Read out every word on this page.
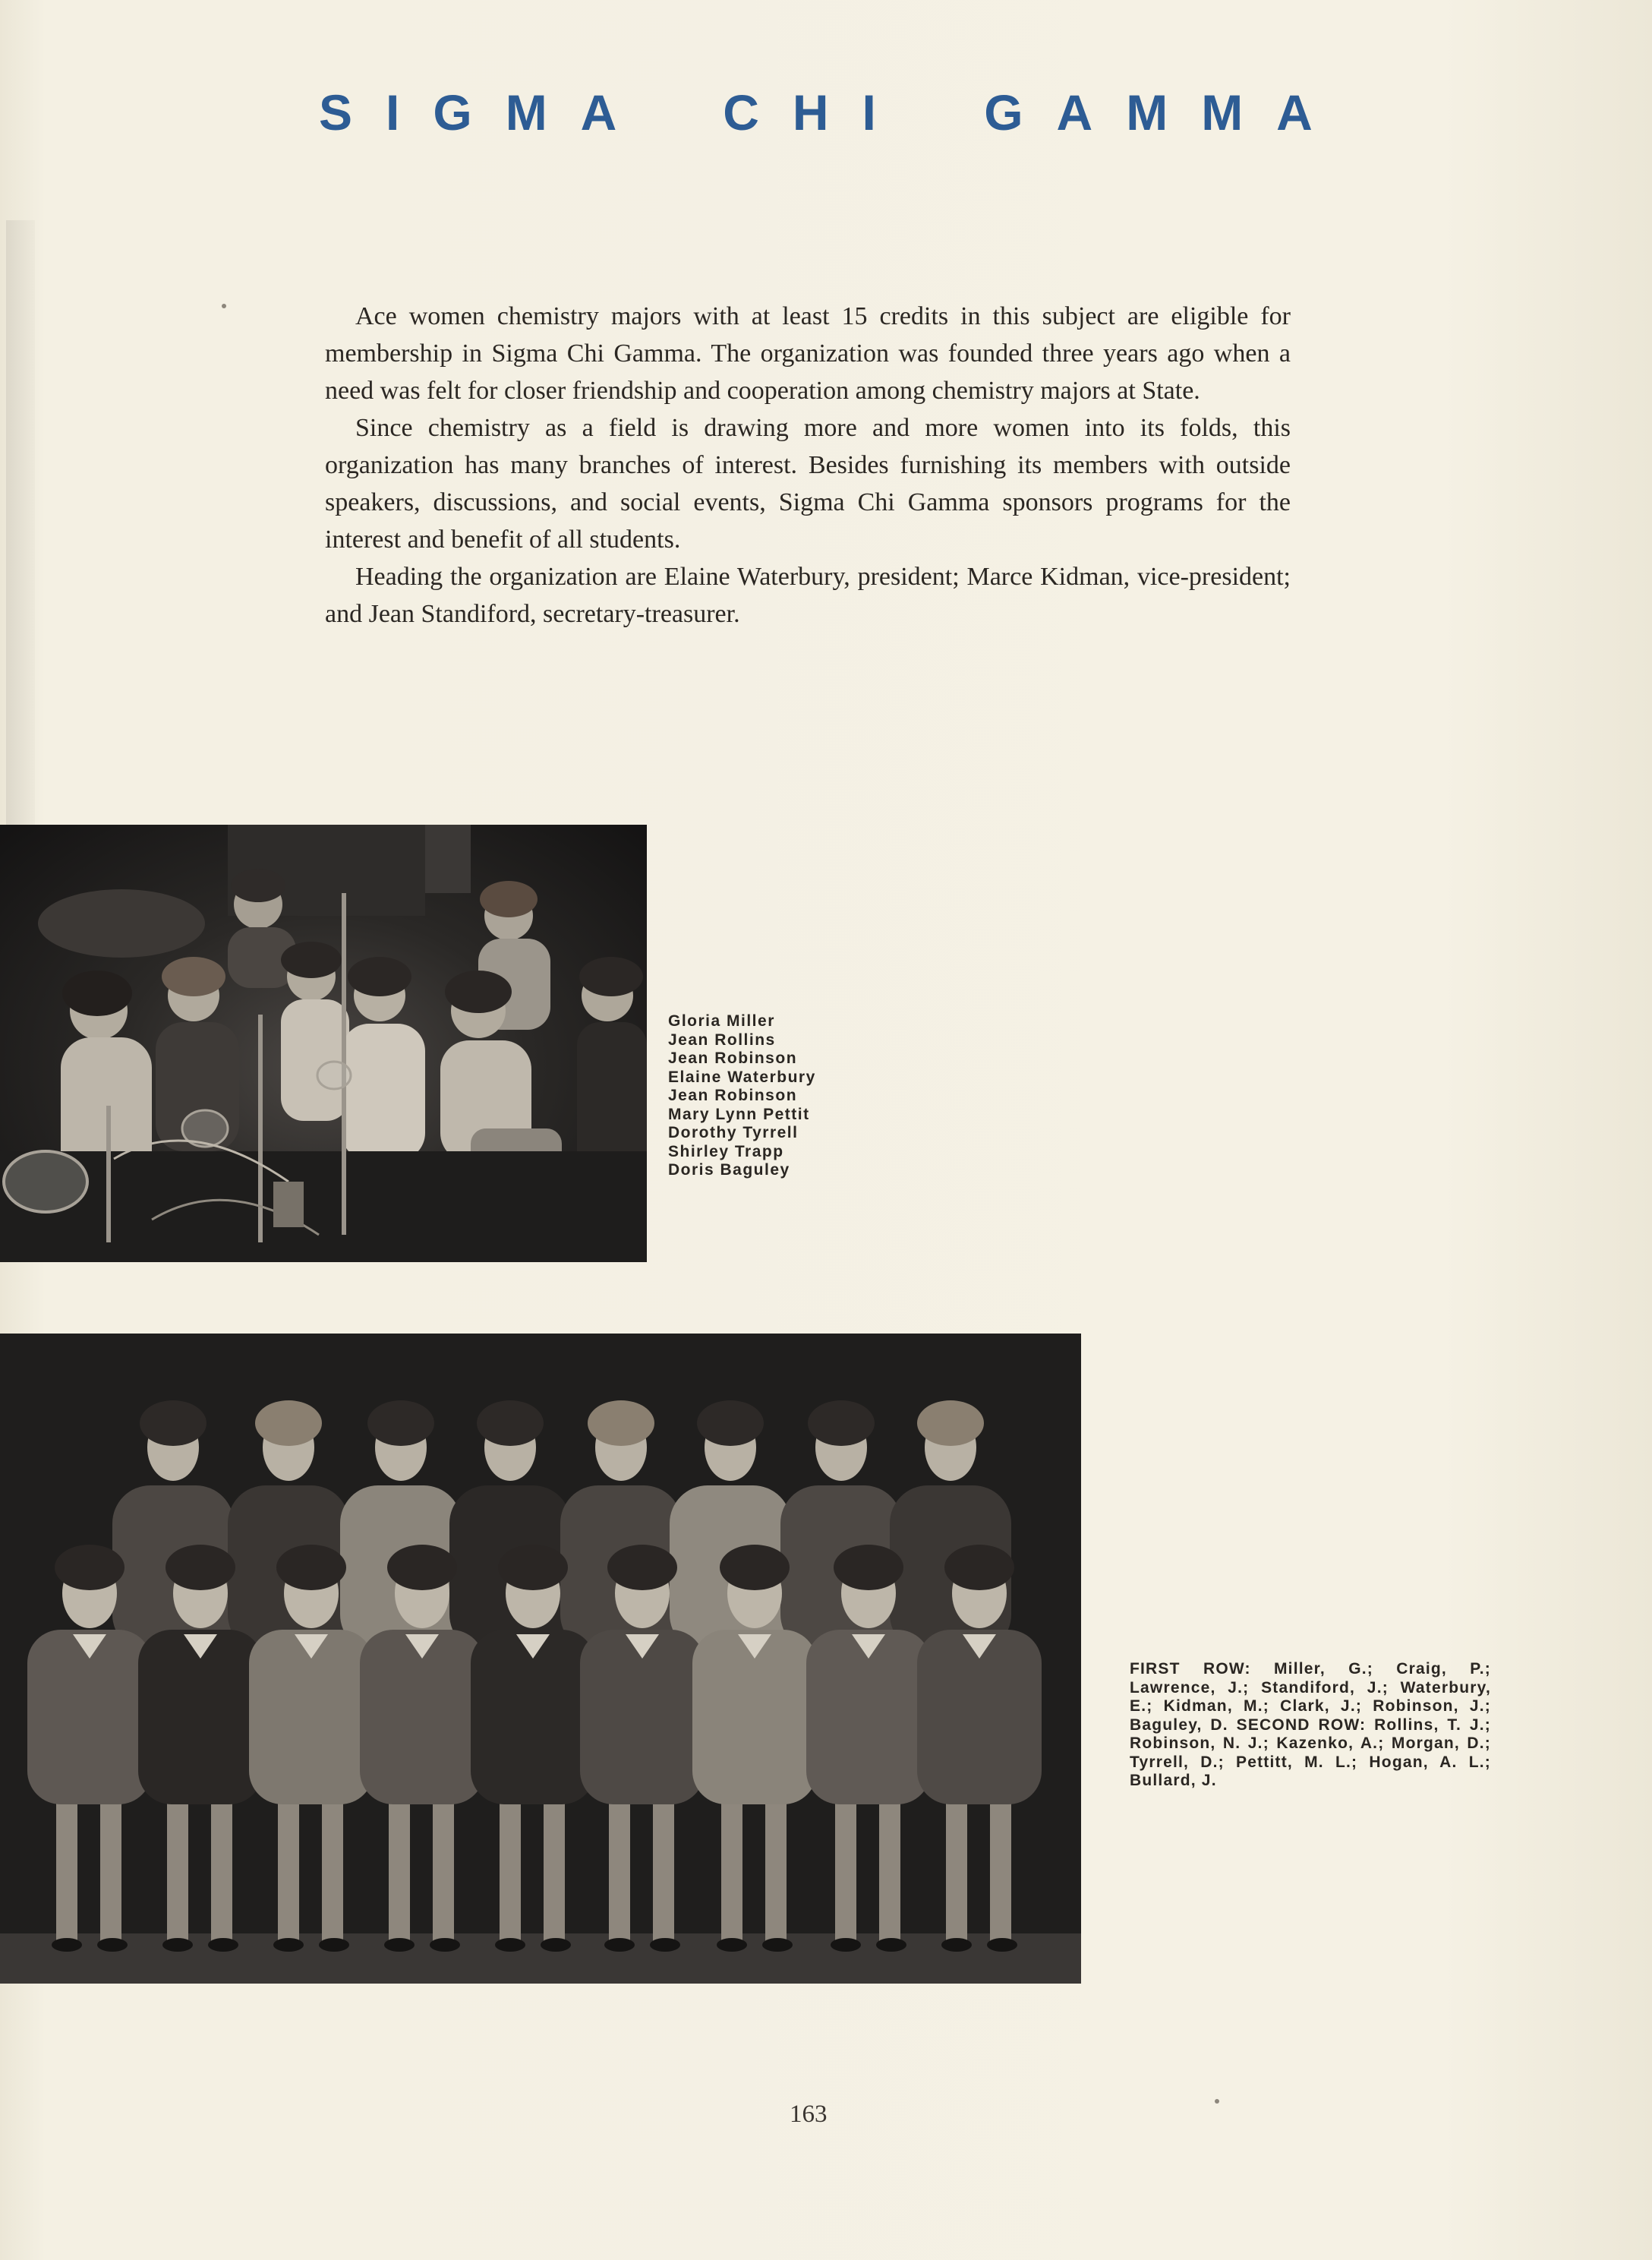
SIGMA CHI GAMMA

Ace women chemistry majors with at least 15 credits in this subject are eligible for membership in Sigma Chi Gamma. The organization was founded three years ago when a need was felt for closer friendship and cooperation among chemistry majors at State.

Since chemistry as a field is drawing more and more women into its folds, this organization has many branches of interest. Besides furnishing its members with outside speakers, discussions, and social events, Sigma Chi Gamma sponsors programs for the interest and benefit of all students.

Heading the organization are Elaine Waterbury, president; Marce Kidman, vice-president; and Jean Standiford, secretary-treasurer.

Gloria Miller
Jean Rollins
Jean Robinson
Elaine Waterbury
Jean Robinson
Mary Lynn Pettit
Dorothy Tyrrell
Shirley Trapp
Doris Baguley
FIRST ROW: Miller, G.; Craig, P.; Lawrence, J.; Standiford, J.; Waterbury, E.; Kidman, M.; Clark, J.; Robinson, J.; Baguley, D. SECOND ROW: Rollins, T. J.; Robinson, N. J.; Kazenko, A.; Morgan, D.; Tyrrell, D.; Pettitt, M. L.; Hogan, A. L.; Bullard, J.
163
